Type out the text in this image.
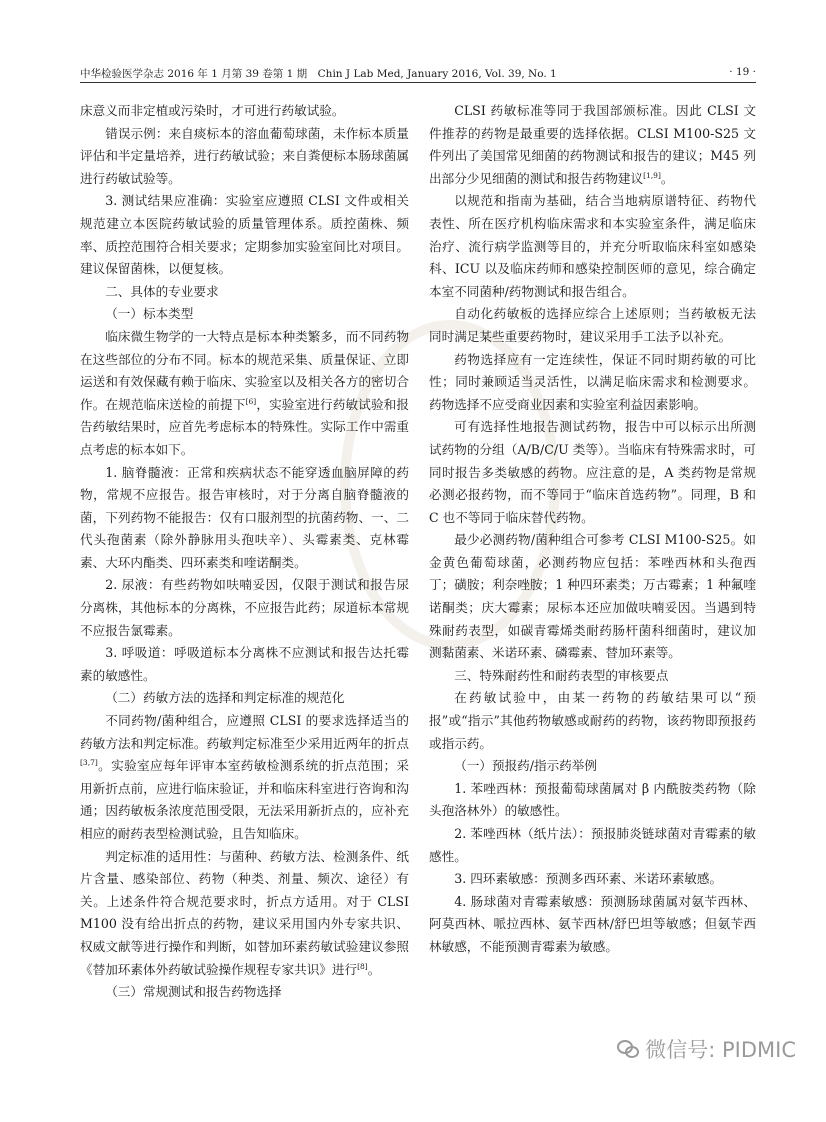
中华检验医学杂志 2016 年 1 月第 39 卷第 1 期　Chin J Lab Med, January 2016, Vol. 39, No. 1	· 19 ·

床意义而非定植或污染时，才可进行药敏试验。

错误示例：来自痰标本的溶血葡萄球菌，未作标本质量评估和半定量培养，进行药敏试验；来自粪便标本肠球菌属进行药敏试验等。

3. 测试结果应准确：实验室应遵照 CLSI 文件或相关规范建立本医院药敏试验的质量管理体系。质控菌株、频率、质控范围符合相关要求；定期参加实验室间比对项目。建议保留菌株，以便复核。

二、具体的专业要求
（一）标本类型

临床微生物学的一大特点是标本种类繁多，而不同药物在这些部位的分布不同。标本的规范采集、质量保证、立即运送和有效保藏有赖于临床、实验室以及相关各方的密切合作。在规范临床送检的前提下[6]，实验室进行药敏试验和报告药敏结果时，应首先考虑标本的特殊性。实际工作中需重点考虑的标本如下。

1. 脑脊髓液：正常和疾病状态不能穿透血脑屏障的药物，常规不应报告。报告审核时，对于分离自脑脊髓液的菌，下列药物不能报告：仅有口服剂型的抗菌药物、一、二代头孢菌素（除外静脉用头孢呋辛）、头霉素类、克林霉素、大环内酯类、四环素类和喹诺酮类。

2. 尿液：有些药物如呋喃妥因，仅限于测试和报告尿分离株，其他标本的分离株，不应报告此药；尿道标本常规不应报告氯霉素。

3. 呼吸道：呼吸道标本分离株不应测试和报告达托霉素的敏感性。

（二）药敏方法的选择和判定标准的规范化

不同药物/菌种组合，应遵照 CLSI 的要求选择适当的药敏方法和判定标准。药敏判定标准至少采用近两年的折点[3,7]。实验室应每年评审本室药敏检测系统的折点范围；采用新折点前，应进行临床验证，并和临床科室进行咨询和沟通；因药敏板条浓度范围受限，无法采用新折点的，应补充相应的耐药表型检测试验，且告知临床。

判定标准的适用性：与菌种、药敏方法、检测条件、纸片含量、感染部位、药物（种类、剂量、频次、途径）有关。上述条件符合规范要求时，折点方适用。对于 CLSI M100 没有给出折点的药物，建议采用国内外专家共识、权威文献等进行操作和判断，如替加环素药敏试验建议参照《替加环素体外药敏试验操作规程专家共识》进行[8]。

（三）常规测试和报告药物选择

CLSI 药敏标准等同于我国部颁标准。因此 CLSI 文件推荐的药物是最重要的选择依据。CLSI M100-S25 文件列出了美国常见细菌的药物测试和报告的建议；M45 列出部分少见细菌的测试和报告药物建议[1,9]。

以规范和指南为基础，结合当地病原谱特征、药物代表性、所在医疗机构临床需求和本实验室条件，满足临床治疗、流行病学监测等目的，并充分听取临床科室如感染科、ICU 以及临床药师和感染控制医师的意见，综合确定本室不同菌种/药物测试和报告组合。

自动化药敏板的选择应综合上述原则；当药敏板无法同时满足某些重要药物时，建议采用手工法予以补充。

药物选择应有一定连续性，保证不同时期药敏的可比性；同时兼顾适当灵活性，以满足临床需求和检测要求。药物选择不应受商业因素和实验室利益因素影响。

可有选择性地报告测试药物，报告中可以标示出所测试药物的分组（A/B/C/U 类等）。当临床有特殊需求时，可同时报告多类敏感的药物。应注意的是，A 类药物是常规必测必报药物，而不等同于“临床首选药物”。同理，B 和 C 也不等同于临床替代药物。

最少必测药物/菌种组合可参考 CLSI M100-S25。如金黄色葡萄球菌，必测药物应包括：苯唑西林和头孢西丁；磺胺；利奈唑胺；1 种四环素类；万古霉素；1 种氟喹诺酮类；庆大霉素；尿标本还应加做呋喃妥因。当遇到特殊耐药表型，如碳青霉烯类耐药肠杆菌科细菌时，建议加测黏菌素、米诺环素、磷霉素、替加环素等。

三、特殊耐药性和耐药表型的审核要点

在药敏试验中，由某一药物的药敏结果可以“预报”或“指示”其他药物敏感或耐药的药物，该药物即预报药或指示药。

（一）预报药/指示药举例

1. 苯唑西林：预报葡萄球菌属对 β 内酰胺类药物（除头孢洛林外）的敏感性。

2. 苯唑西林（纸片法）：预报肺炎链球菌对青霉素的敏感性。

3. 四环素敏感：预测多西环素、米诺环素敏感。

4. 肠球菌对青霉素敏感：预测肠球菌属对氨苄西林、阿莫西林、哌拉西林、氨苄西林/舒巴坦等敏感；但氨苄西林敏感，不能预测青霉素为敏感。

微信号: PIDMIC
